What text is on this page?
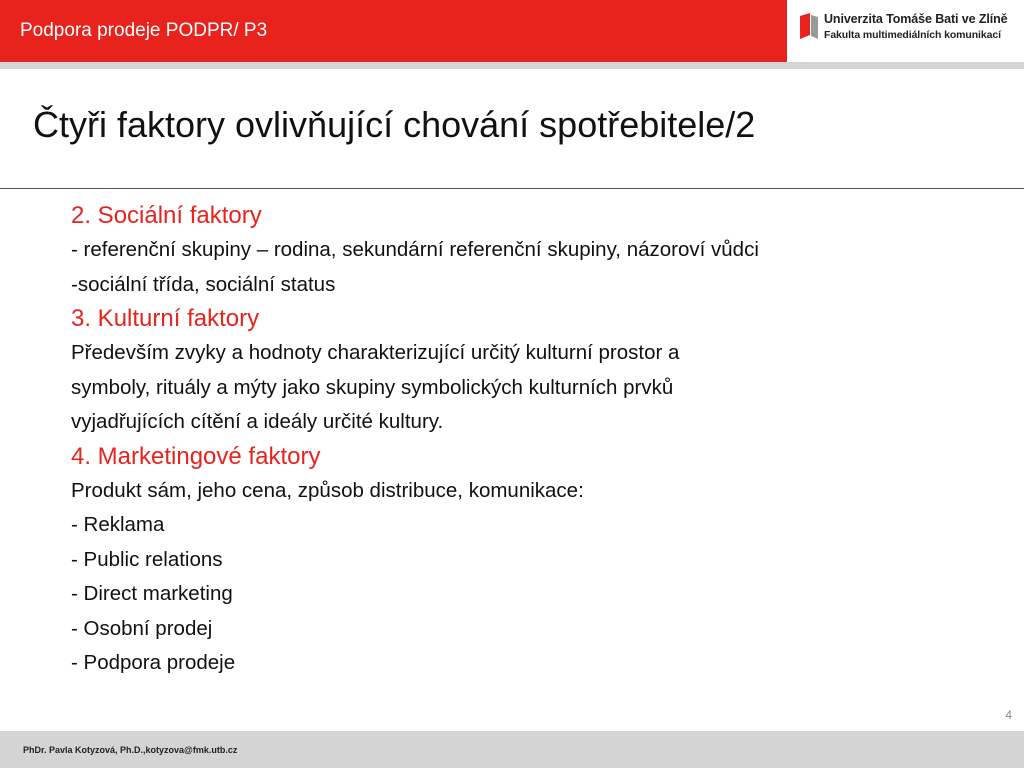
Podpora prodeje PODPR/ P3
Univerzita Tomáše Bati ve Zlíně
Fakulta multimediálních komunikací
Čtyři faktory ovlivňující chování spotřebitele/2
2. Sociální faktory
- referenční skupiny – rodina, sekundární referenční skupiny, názoroví vůdci
-sociální třída, sociální status
3. Kulturní faktory
Především zvyky a hodnoty charakterizující určitý kulturní prostor a
symboly, rituály a mýty jako skupiny symbolických kulturních prvků
vyjadřujících cítění a ideály určité kultury.
4. Marketingové faktory
Produkt sám, jeho cena, způsob distribuce, komunikace:
- Reklama
- Public relations
- Direct marketing
- Osobní prodej
- Podpora prodeje
4
PhDr. Pavla Kotyzová, Ph.D.,kotyzova@fmk.utb.cz
